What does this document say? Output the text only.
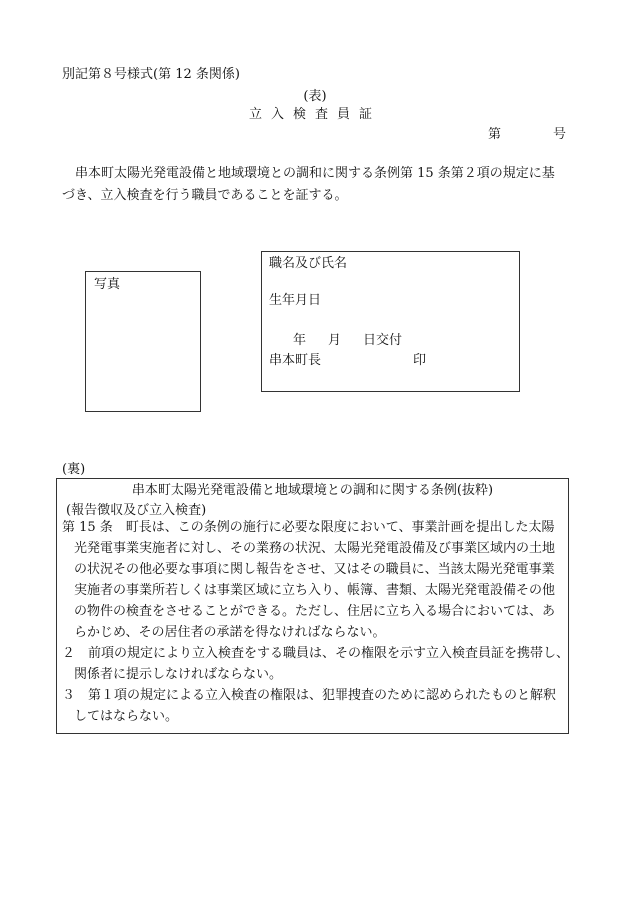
別記第８号様式(第 12 条関係)
(表)
立入検査員証
第	号
串本町太陽光発電設備と地域環境との調和に関する条例第 15 条第２項の規定に基づき、立入検査を行う職員であることを証する。
写真
職名及び氏名
生年月日
年 月 日交付
串本町長	印
(裏)
串本町太陽光発電設備と地域環境との調和に関する条例(抜粋)
(報告徴収及び立入検査)
第 15 条　町長は、この条例の施行に必要な限度において、事業計画を提出した太陽
光発電事業実施者に対し、その業務の状況、太陽光発電設備及び事業区域内の土地
の状況その他必要な事項に関し報告をさせ、又はその職員に、当該太陽光発電事業
実施者の事業所若しくは事業区域に立ち入り、帳簿、書類、太陽光発電設備その他
の物件の検査をさせることができる。ただし、住居に立ち入る場合においては、あ
らかじめ、その居住者の承諾を得なければならない。
２　前項の規定により立入検査をする職員は、その権限を示す立入検査員証を携帯し、
関係者に提示しなければならない。
３　第１項の規定による立入検査の権限は、犯罪捜査のために認められたものと解釈
してはならない。
